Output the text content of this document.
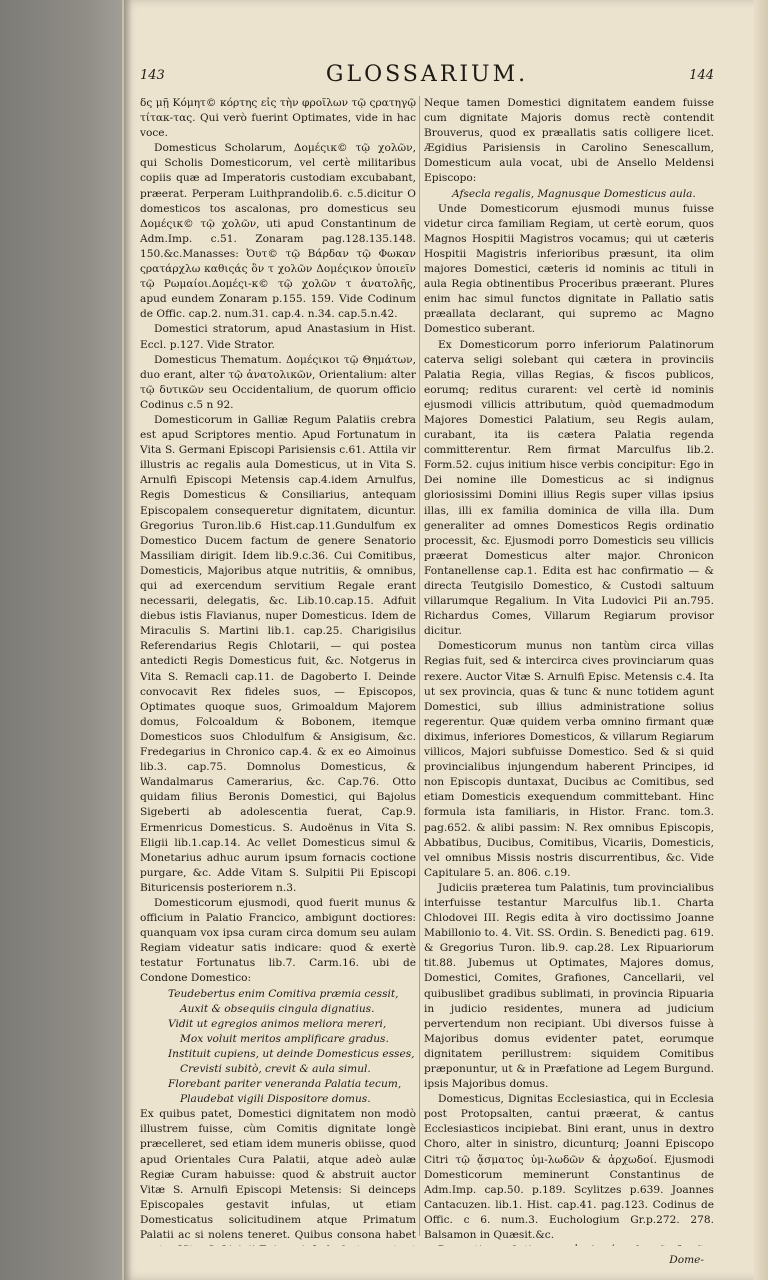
143	GLOSSARIUM.	144

δς μῇ Κόμητ© κόρτης εἰς τὴν φροῖλων τῷ ςρατηγῷ τίτακ-τας. Qui verò fuerint Optimates, vide in hac voce.

Domesticus Scholarum, Δομέςικ© τῷ χολῶν, qui Scholis Domesticorum, vel certè militaribus copiis quæ ad Imperatoris custodiam excubabant, præerat. Perperam Luithprandolib.6. c.5.dicitur O domesticos tos ascalonas, pro domesticus seu Δομέςικ© τῷ χολῶν, uti apud Constantinum de Adm.Imp. c.51. Zonaram pag.128.135.148. 150.&c.Manasses: Ὀυτ© τῷ Βάρδαν τῷ Φωκαν ςρατάρχλω καθιςάς ὂν τ χολῶν Δομέςικον ὑποιεῖν τῷ Ρωμαίοι.Δομέςι-κ© τῷ χολῶν τ ἀνατολῆς, apud eundem Zonaram p.155. 159. Vide Codinum de Offic. cap.2. num.31. cap.4. n.34. cap.5.n.42.

Domestici stratorum, apud Anastasium in Hist. Eccl. p.127. Vide Strator.

Domesticus Thematum. Δομέςικοι τῷ Θημάτων, duo erant, alter τῷ ἀνατολικῶν, Orientalium: alter τῷ δυτικῶν seu Occidentalium, de quorum officio Codinus c.5 n 92.

Domesticorum in Galliæ Regum Palatiis crebra est apud Scriptores mentio. Apud Fortunatum in Vita S. Germani Episcopi Parisiensis c.61. Attila vir illustris ac regalis aula Domesticus, ut in Vita S. Arnulfi Episcopi Metensis cap.4.idem Arnulfus, Regis Domesticus & Consiliarius, antequam Episcopalem consequeretur dignitatem, dicuntur. Gregorius Turon.lib.6 Hist.cap.11.Gundulfum ex Domestico Ducem factum de genere Senatorio Massiliam dirigit. Idem lib.9.c.36. Cui Comitibus, Domesticis, Majoribus atque nutritiis, & omnibus, qui ad exercendum servitium Regale erant necessarii, delegatis, &c. Lib.10.cap.15. Adfuit diebus istis Flavianus, nuper Domesticus. Idem de Miraculis S. Martini lib.1. cap.25. Charigisilus Referendarius Regis Chlotarii, — qui postea antedicti Regis Domesticus fuit, &c. Notgerus in Vita S. Remacli cap.11. de Dagoberto I. Deinde convocavit Rex fideles suos, — Episcopos, Optimates quoque suos, Grimoaldum Majorem domus, Folcoaldum & Bobonem, itemque Domesticos suos Chlodulfum & Ansigisum, &c. Fredegarius in Chronico cap.4. & ex eo Aimoinus lib.3. cap.75. Domnolus Domesticus, & Wandalmarus Camerarius, &c. Cap.76. Otto quidam filius Beronis Domestici, qui Bajolus Sigeberti ab adolescentia fuerat, Cap.9. Ermenricus Domesticus. S. Audoënus in Vita S. Eligii lib.1.cap.14. Ac vellet Domesticus simul & Monetarius adhuc aurum ipsum fornacis coctione purgare, &c. Adde Vitam S. Sulpitii Pii Episcopi Bituricensis posteriorem n.3.

Domesticorum ejusmodi, quod fuerit munus & officium in Palatio Francico, ambigunt doctiores: quanquam vox ipsa curam circa domum seu aulam Regiam videatur satis indicare: quod & exertè testatur Fortunatus lib.7. Carm.16. ubi de Condone Domestico:

Teudebertus enim Comitiva præmia cessit,

Auxit & obsequiis cingula dignatius.

Vidit ut egregios animos meliora mereri,

Mox voluit meritos amplificare gradus.

Instituit cupiens, ut deinde Domesticus esses,

Crevisti subitò, crevit & aula simul.

Florebant pariter veneranda Palatia tecum,

Plaudebat vigili Dispositore domus.

Ex quibus patet, Domestici dignitatem non modò illustrem fuisse, cùm Comitis dignitate longè præcelleret, sed etiam idem muneris obiisse, quod apud Orientales Cura Palatii, atque adeò aulæ Regiæ Curam habuisse: quod & abstruit auctor Vitæ S. Arnulfi Episcopi Metensis: Si deinceps Episcopales gestavit infulas, ut etiam Domesticatus solicitudinem atque Primatum Palatii ac si nolens teneret. Quibus consona habet

Neque tamen Domestici dignitatem eandem fuisse cum dignitate Majoris domus rectè contendit Brouverus, quod ex præallatis satis colligere licet. Ægidius Parisiensis in Carolino Senescallum, Domesticum aula vocat, ubi de Ansello Meldensi Episcopo:

Afsecla regalis, Magnusque Domesticus aula.

Unde Domesticorum ejusmodi munus fuisse videtur circa familiam Regiam, ut certè eorum, quos Magnos Hospitii Magistros vocamus; qui ut cæteris Hospitii Magistris inferioribus præsunt, ita olim majores Domestici, cæteris id nominis ac tituli in aula Regia obtinentibus Proceribus præerant. Plures enim hac simul functos dignitate in Pallatio satis præallata declarant, qui supremo ac Magno Domestico suberant.

Ex Domesticorum porro inferiorum Palatinorum caterva seligi solebant qui cætera in provinciis Palatia Regia, villas Regias, & fiscos publicos, eorumq; reditus curarent: vel certè id nominis ejusmodi villicis attributum, quòd quemadmodum Majores Domestici Palatium, seu Regis aulam, curabant, ita iis cætera Palatia regenda committerentur. Rem firmat Marculfus lib.2. Form.52. cujus initium hisce verbis concipitur: Ego in Dei nomine ille Domesticus ac si indignus gloriosissimi Domini illius Regis super villas ipsius illas, illi ex familia dominica de villa illa. Dum generaliter ad omnes Domesticos Regis ordinatio processit, &c. Ejusmodi porro Domesticis seu villicis præerat Domesticus alter major. Chronicon Fontanellense cap.1. Edita est hac confirmatio — & directa Teutgisilo Domestico, & Custodi saltuum villarumque Regalium. In Vita Ludovici Pii an.795. Richardus Comes, Villarum Regiarum provisor dicitur.

Domesticorum munus non tantùm circa villas Regias fuit, sed & intercirca cives provinciarum quas rexere. Auctor Vitæ S. Arnulfi Episc. Metensis c.4. Ita ut sex provincia, quas & tunc & nunc totidem agunt Domestici, sub illius administratione solius regerentur. Quæ quidem verba omnino firmant quæ diximus, inferiores Domesticos, & villarum Regiarum villicos, Majori subfuisse Domestico. Sed & si quid provincialibus injungendum haberent Principes, id non Episcopis duntaxat, Ducibus ac Comitibus, sed etiam Domesticis exequendum committebant. Hinc formula ista familiaris, in Histor. Franc. tom.3. pag.652. & alibi passim: N. Rex omnibus Episcopis, Abbatibus, Ducibus, Comitibus, Vicariis, Domesticis, vel omnibus Missis nostris discurrentibus, &c. Vide Capitulare 5. an. 806. c.19.

Judiciis præterea tum Palatinis, tum provincialibus interfuisse testantur Marculfus lib.1. Charta Chlodovei III. Regis edita à viro doctissimo Joanne Mabillonio to. 4. Vit. SS. Ordin. S. Benedicti pag. 619. & Gregorius Turon. lib.9. cap.28. Lex Ripuariorum tit.88. Jubemus ut Optimates, Majores domus, Domestici, Comites, Grafiones, Cancellarii, vel quibuslibet gradibus sublimati, in provincia Ripuaria in judicio residentes, munera ad judicium pervertendum non recipiant. Ubi diversos fuisse à Majoribus domus evidenter patet, eorumque dignitatem perillustrem: siquidem Comitibus præponuntur, ut & in Præfatione ad Legem Burgund. ipsis Majoribus domus.

Domesticus, Dignitas Ecclesiastica, qui in Ecclesia post Protopsalten, cantui præerat, & cantus Ecclesiasticos incipiebat. Bini erant, unus in dextro Choro, alter in sinistro, dicunturq; Joanni Episcopo Citri τῷ ᾄσματος ὑμ-λωδῶν & ἀρχωδοί. Ejusmodi Domesticorum meminerunt Constantinus de Adm.Imp. cap.50. p.189. Scylitzes p.639. Joannes Cantacuzen. lib.1. Hist. cap.41. pag.123. Codinus de Offic. c 6. num.3. Euchologium Gr.p.272. 278. Balsamon in Quæsit.&c.

Dome-
